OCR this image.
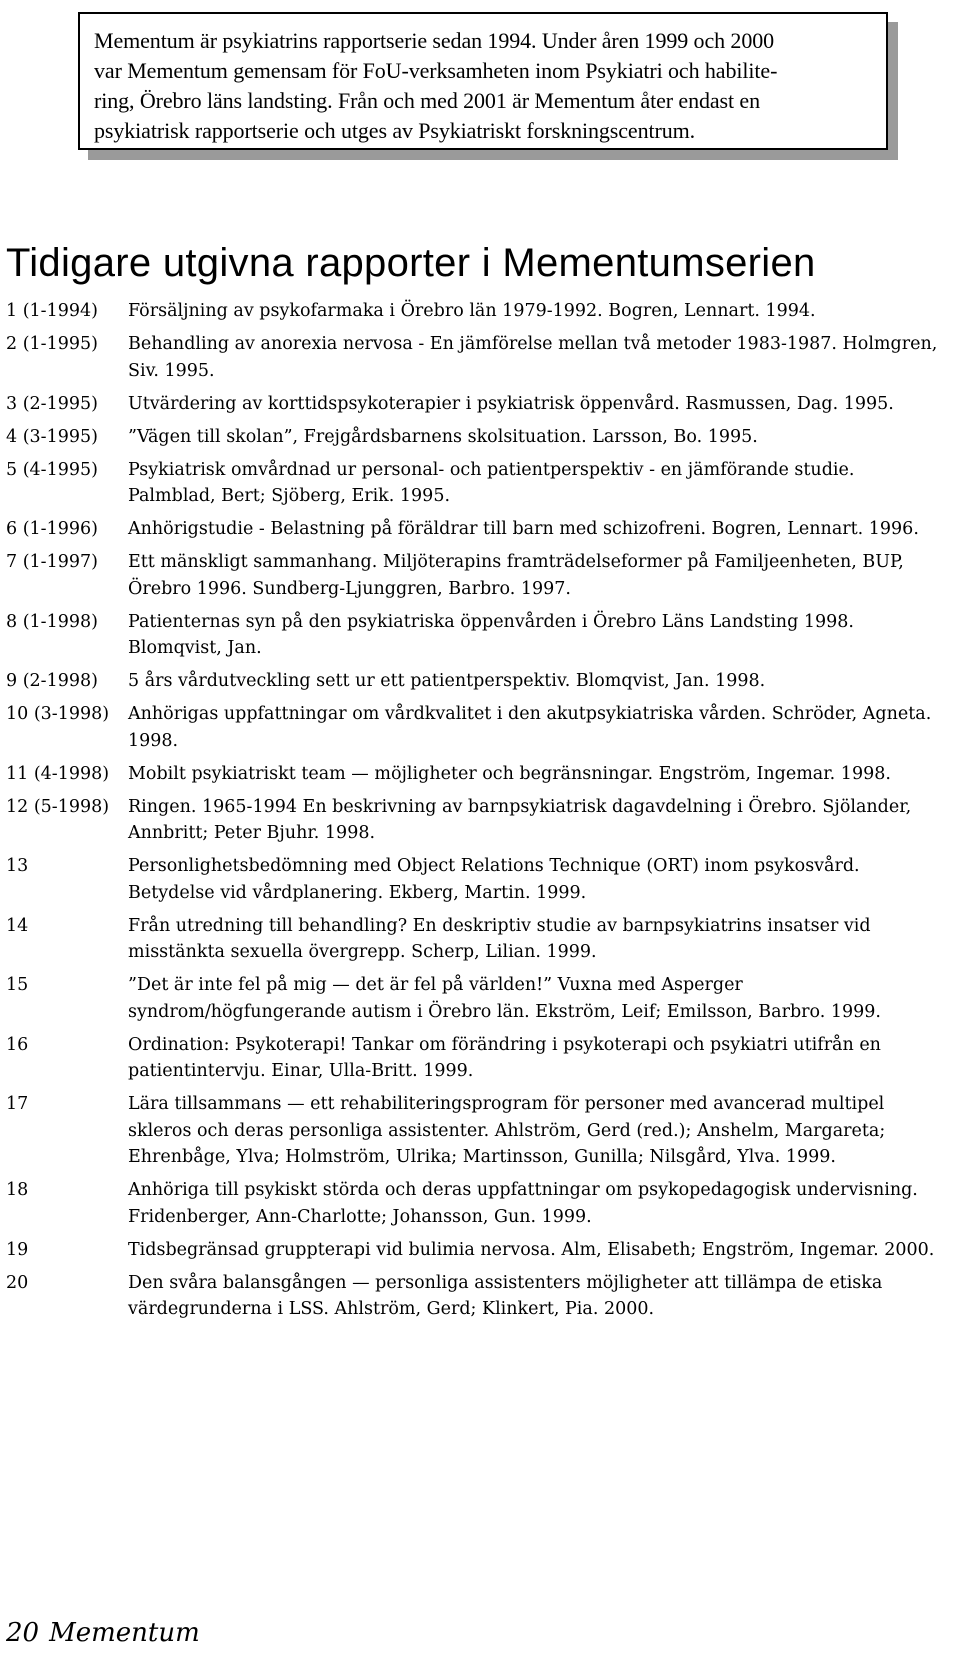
Mementum är psykiatrins rapportserie sedan 1994. Under åren 1999 och 2000
var Mementum gemensam för FoU-verksamheten inom Psykiatri och habilite-
ring, Örebro läns landsting. Från och med 2001 är Mementum åter endast en
psykiatrisk rapportserie och utges av Psykiatriskt forskningscentrum.
Tidigare utgivna rapporter i Mementumserien
1 (1-1994) Försäljning av psykofarmaka i Örebro län 1979-1992. Bogren, Lennart. 1994.
2 (1-1995) Behandling av anorexia nervosa - En jämförelse mellan två metoder 1983-1987. Holmgren, Siv. 1995.
3 (2-1995) Utvärdering av korttidspsykoterapier i psykiatrisk öppenvård. Rasmussen, Dag. 1995.
4 (3-1995) ”Vägen till skolan”, Frejgårdsbarnens skolsituation. Larsson, Bo. 1995.
5 (4-1995) Psykiatrisk omvårdnad ur personal- och patientperspektiv - en jämförande studie. Palmblad, Bert; Sjöberg, Erik. 1995.
6 (1-1996) Anhörigstudie - Belastning på föräldrar till barn med schizofreni. Bogren, Lennart. 1996.
7 (1-1997) Ett mänskligt sammanhang. Miljöterapins framträdelseformer på Familjeenheten, BUP, Örebro 1996. Sundberg-Ljunggren, Barbro. 1997.
8 (1-1998) Patienternas syn på den psykiatriska öppenvården i Örebro Läns Landsting 1998. Blomqvist, Jan.
9 (2-1998) 5 års vårdutveckling sett ur ett patientperspektiv. Blomqvist, Jan. 1998.
10 (3-1998) Anhörigas uppfattningar om vårdkvalitet i den akutpsykiatriska vården. Schröder, Agneta. 1998.
11 (4-1998) Mobilt psykiatriskt team — möjligheter och begränsningar. Engström, Ingemar. 1998.
12 (5-1998) Ringen. 1965-1994 En beskrivning av barnpsykiatrisk dagavdelning i Örebro. Sjölander, Annbritt; Peter Bjuhr. 1998.
13	Personlighetsbedömning med Object Relations Technique (ORT) inom psykosvård. Betydelse vid vårdplanering. Ekberg, Martin. 1999.
14	Från utredning till behandling? En deskriptiv studie av barnpsykiatrins insatser vid misstänkta sexuella övergrepp. Scherp, Lilian. 1999.
15	”Det är inte fel på mig — det är fel på världen!” Vuxna med Asperger syndrom/högfungerande autism i Örebro län. Ekström, Leif; Emilsson, Barbro. 1999.
16	Ordination: Psykoterapi! Tankar om förändring i psykoterapi och psykiatri utifrån en patientintervju. Einar, Ulla-Britt. 1999.
17	Lära tillsammans — ett rehabiliteringsprogram för personer med avancerad multipel skleros och deras personliga assistenter. Ahlström, Gerd (red.); Anshelm, Margareta; Ehrenbåge, Ylva; Holmström, Ulrika; Martinsson, Gunilla; Nilsgård, Ylva. 1999.
18	Anhöriga till psykiskt störda och deras uppfattningar om psykopedagogisk undervisning. Fridenberger, Ann-Charlotte; Johansson, Gun. 1999.
19	Tidsbegränsad gruppterapi vid bulimia nervosa. Alm, Elisabeth; Engström, Ingemar. 2000.
20	Den svåra balansgången — personliga assistenters möjligheter att tillämpa de etiska värdegrunderna i LSS. Ahlström, Gerd; Klinkert, Pia. 2000.
20 Mementum
